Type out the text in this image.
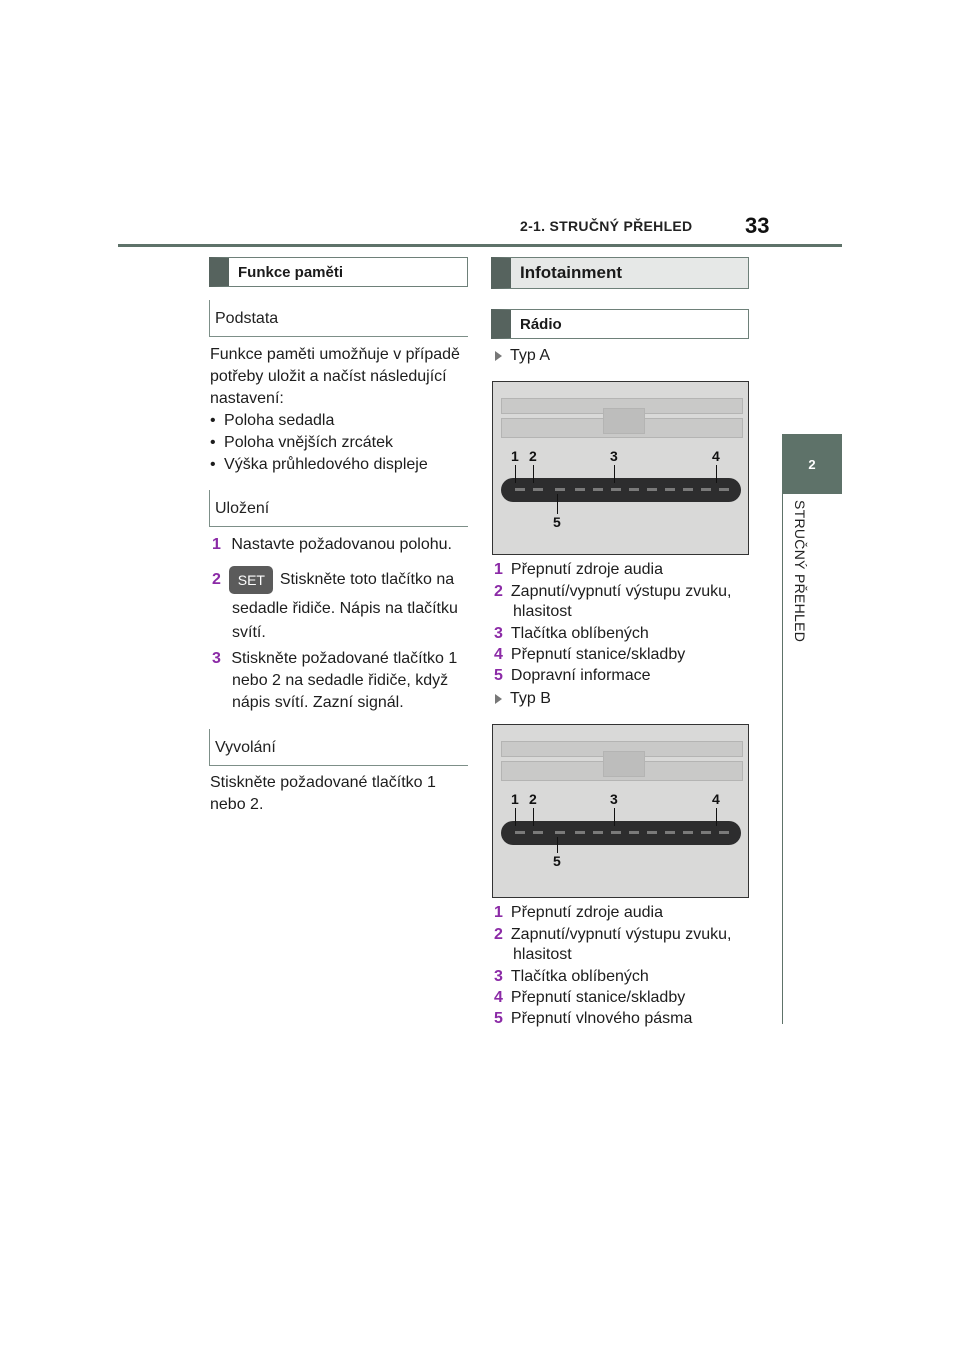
2-1. STRUČNÝ PŘEHLED 33
2
STRUČNÝ PŘEHLED
Funkce paměti
Podstata
Funkce paměti umožňuje v případě
potřeby uložit a načíst následující
nastavení:
• Poloha sedadla
• Poloha vnějších zrcátek
• Výška průhledového displeje
Uložení
1 Nastavte požadovanou polohu.
2 SET Stiskněte toto tlačítko na
sedadle řidiče. Nápis na tlačítku
svítí.
3 Stiskněte požadované tlačítko 1
nebo 2 na sedadle řidiče, když
nápis svítí. Zazní signál.
Vyvolání
Stiskněte požadované tlačítko 1
nebo 2.
Infotainment
Rádio
Typ A
1 2	3	4
5
1 Přepnutí zdroje audia
2 Zapnutí/vypnutí výstupu zvuku,
hlasitost
3 Tlačítka oblíbených
4 Přepnutí stanice/skladby
5 Dopravní informace
Typ B
1 2	3	4
5
1 Přepnutí zdroje audia
2 Zapnutí/vypnutí výstupu zvuku,
hlasitost
3 Tlačítka oblíbených
4 Přepnutí stanice/skladby
5 Přepnutí vlnového pásma
